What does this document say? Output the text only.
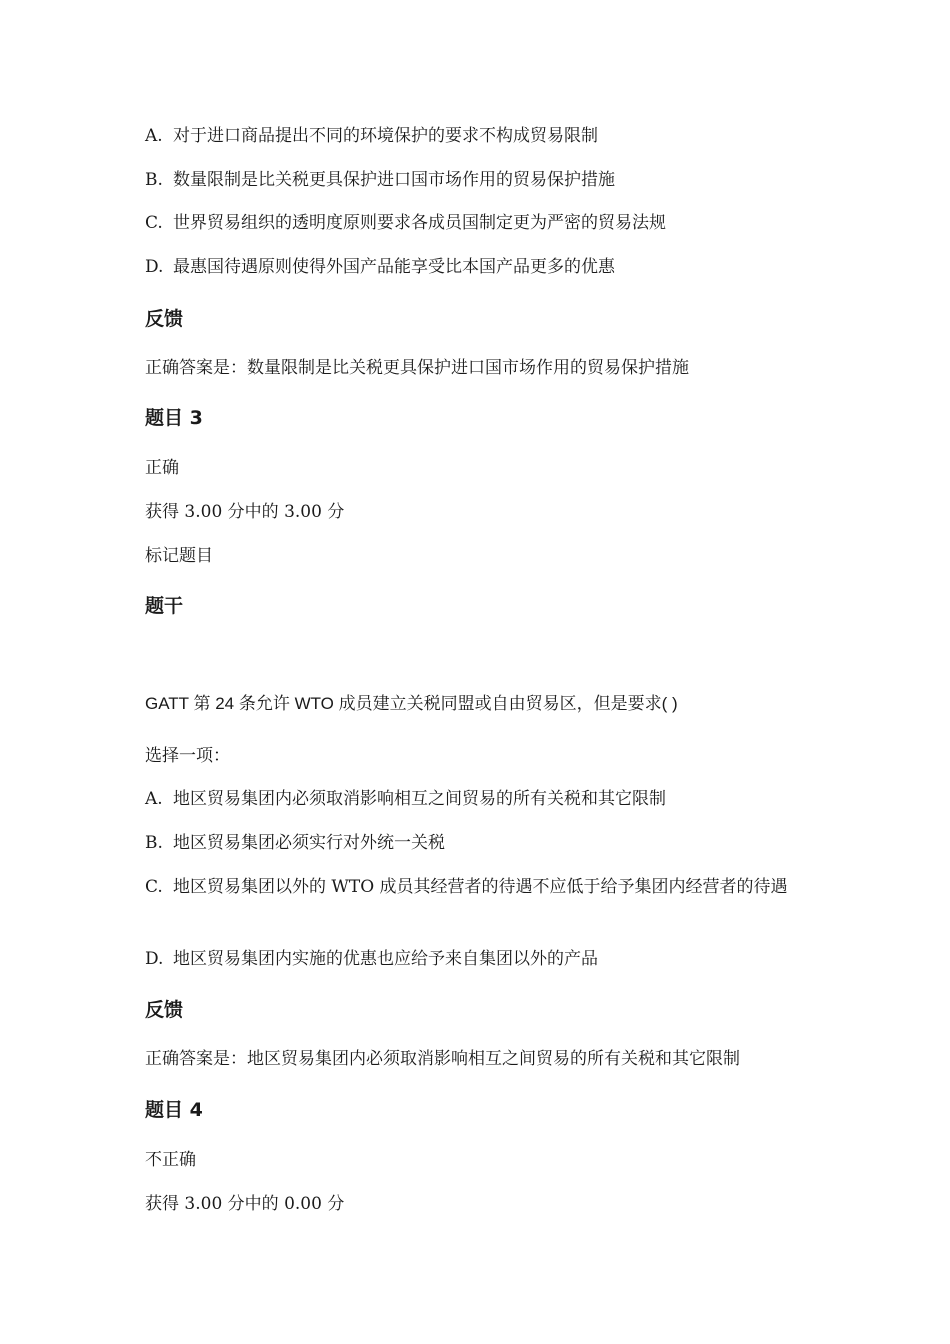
A. 对于进口商品提出不同的环境保护的要求不构成贸易限制
B. 数量限制是比关税更具保护进口国市场作用的贸易保护措施
C. 世界贸易组织的透明度原则要求各成员国制定更为严密的贸易法规
D. 最惠国待遇原则使得外国产品能享受比本国产品更多的优惠
反馈
正确答案是：数量限制是比关税更具保护进口国市场作用的贸易保护措施
题目 3
正确
获得 3.00 分中的 3.00 分
标记题目
题干
GATT 第 24 条允许 WTO 成员建立关税同盟或自由贸易区，但是要求( )
选择一项：
A. 地区贸易集团内必须取消影响相互之间贸易的所有关税和其它限制
B. 地区贸易集团必须实行对外统一关税
C. 地区贸易集团以外的 WTO 成员其经营者的待遇不应低于给予集团内经营者的待遇
D. 地区贸易集团内实施的优惠也应给予来自集团以外的产品
反馈
正确答案是：地区贸易集团内必须取消影响相互之间贸易的所有关税和其它限制
题目 4
不正确
获得 3.00 分中的 0.00 分
